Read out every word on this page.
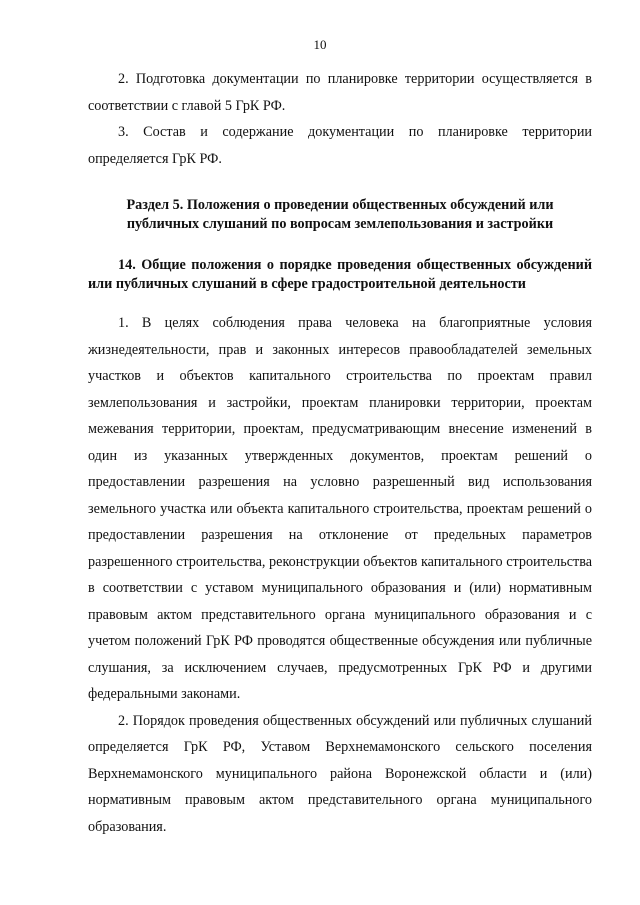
10

2. Подготовка документации по планировке территории осуществляется в соответствии с главой 5 ГрК РФ.

3. Состав и содержание документации по планировке территории определяется ГрК РФ.

Раздел 5. Положения о проведении общественных обсуждений или публичных слушаний по вопросам землепользования и застройки

14. Общие положения о порядке проведения общественных обсуждений или публичных слушаний в сфере градостроительной деятельности

1. В целях соблюдения права человека на благоприятные условия жизнедеятельности, прав и законных интересов правообладателей земельных участков и объектов капитального строительства по проектам правил землепользования и застройки, проектам планировки территории, проектам межевания территории, проектам, предусматривающим внесение изменений в один из указанных утвержденных документов, проектам решений о предоставлении разрешения на условно разрешенный вид использования земельного участка или объекта капитального строительства, проектам решений о предоставлении разрешения на отклонение от предельных параметров разрешенного строительства, реконструкции объектов капитального строительства в соответствии с уставом муниципального образования и (или) нормативным правовым актом представительного органа муниципального образования и с учетом положений ГрК РФ проводятся общественные обсуждения или публичные слушания, за исключением случаев, предусмотренных ГрК РФ и другими федеральными законами.

2. Порядок проведения общественных обсуждений или публичных слушаний определяется ГрК РФ, Уставом Верхнемамонского сельского поселения Верхнемамонского муниципального района Воронежской области и (или) нормативным правовым актом представительного органа муниципального образования.
